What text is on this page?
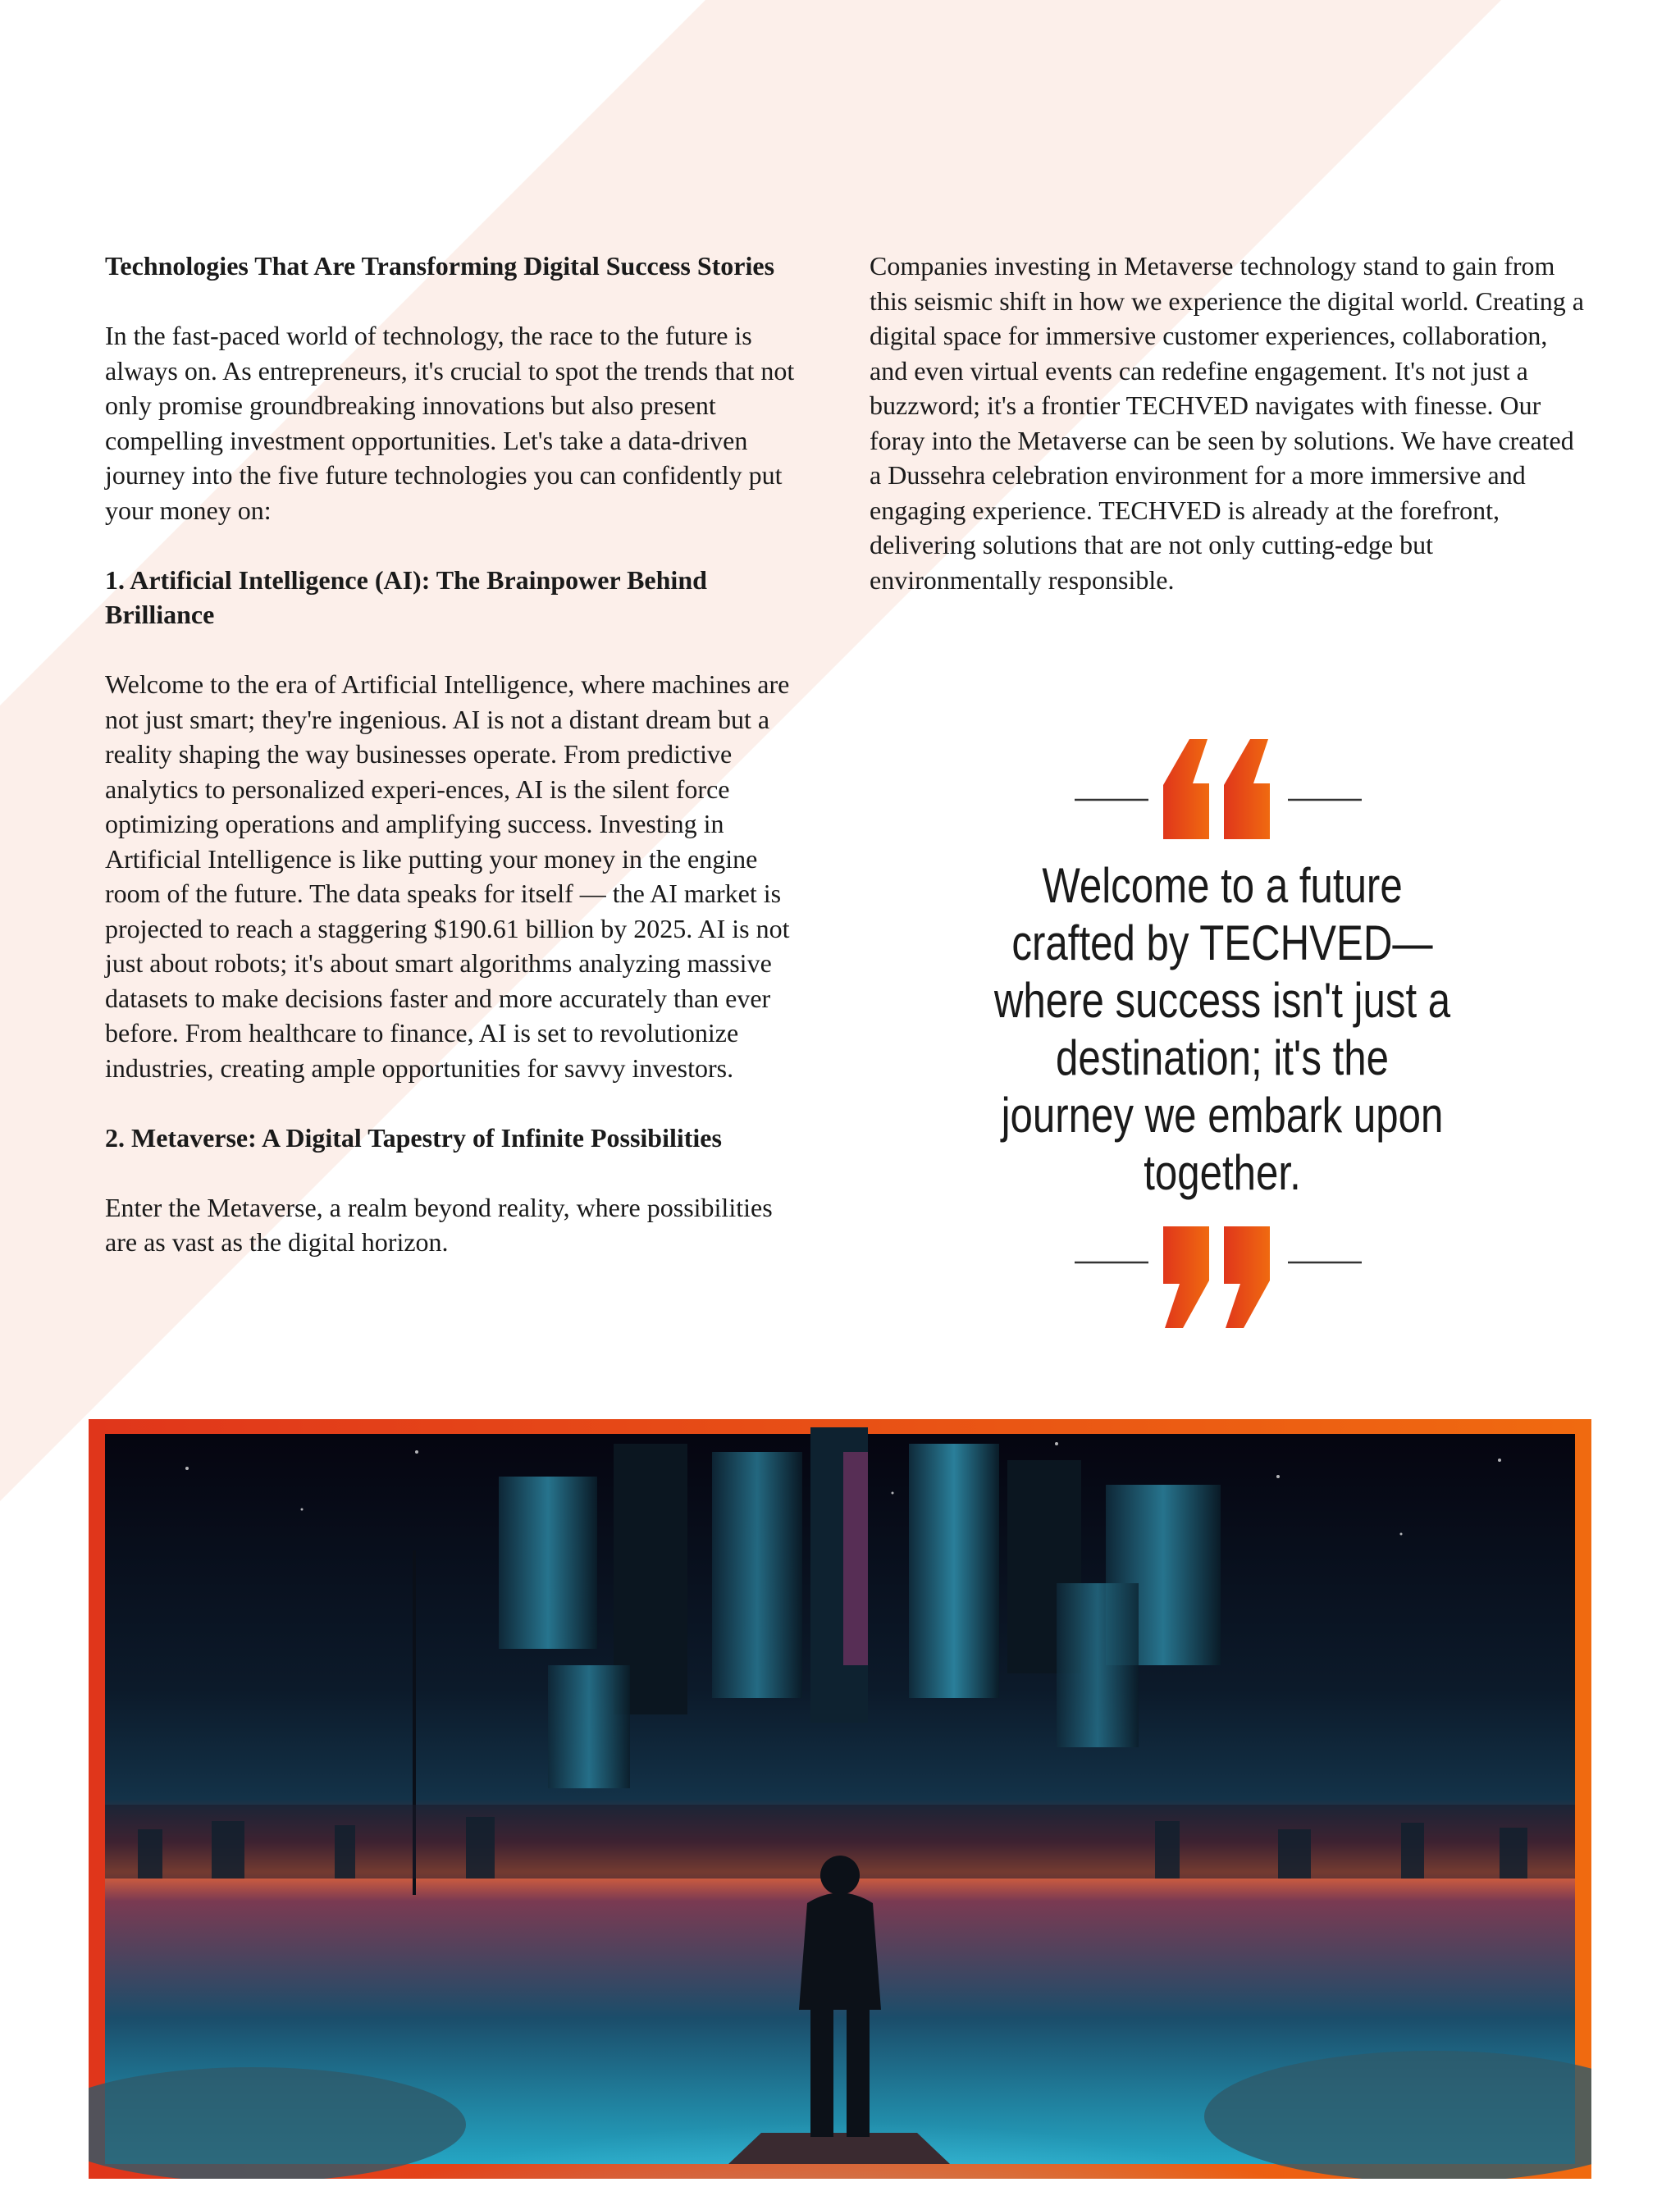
Technologies That Are Transforming Digital Success Stories

In the fast-paced world of technology, the race to the future is always on. As entrepreneurs, it's crucial to spot the trends that not only promise groundbreaking innovations but also present compelling investment opportunities. Let's take a data-driven journey into the five future technologies you can confidently put your money on:

1. Artificial Intelligence (AI): The Brainpower Behind Brilliance

Welcome to the era of Artificial Intelligence, where machines are not just smart; they're ingenious. AI is not a distant dream but a reality shaping the way businesses operate. From predictive analytics to personalized experi-ences, AI is the silent force optimizing operations and amplifying success. Investing in Artificial Intelligence is like putting your money in the engine room of the future. The data speaks for itself — the AI market is projected to reach a staggering $190.61 billion by 2025. AI is not just about robots; it's about smart algorithms analyzing massive datasets to make decisions faster and more accurately than ever before. From healthcare to finance, AI is set to revolutionize industries, creating ample opportunities for savvy investors.

2. Metaverse: A Digital Tapestry of Infinite Possibilities

Enter the Metaverse, a realm beyond reality, where possibilities are as vast as the digital horizon.

Companies investing in Metaverse technology stand to gain from this seismic shift in how we experience the digital world. Creating a digital space for immersive customer experiences, collaboration, and even virtual events can redefine engagement. It's not just a buzzword; it's a frontier TECHVED navigates with finesse. Our foray into the Metaverse can be seen by solutions. We have created a Dussehra celebration environment for a more immersive and engaging experience. TECHVED is already at the forefront, delivering solutions that are not only cutting-edge but environmentally responsible.

Welcome to a future crafted by TECHVED—where success isn't just a destination; it's the journey we embark upon together.
